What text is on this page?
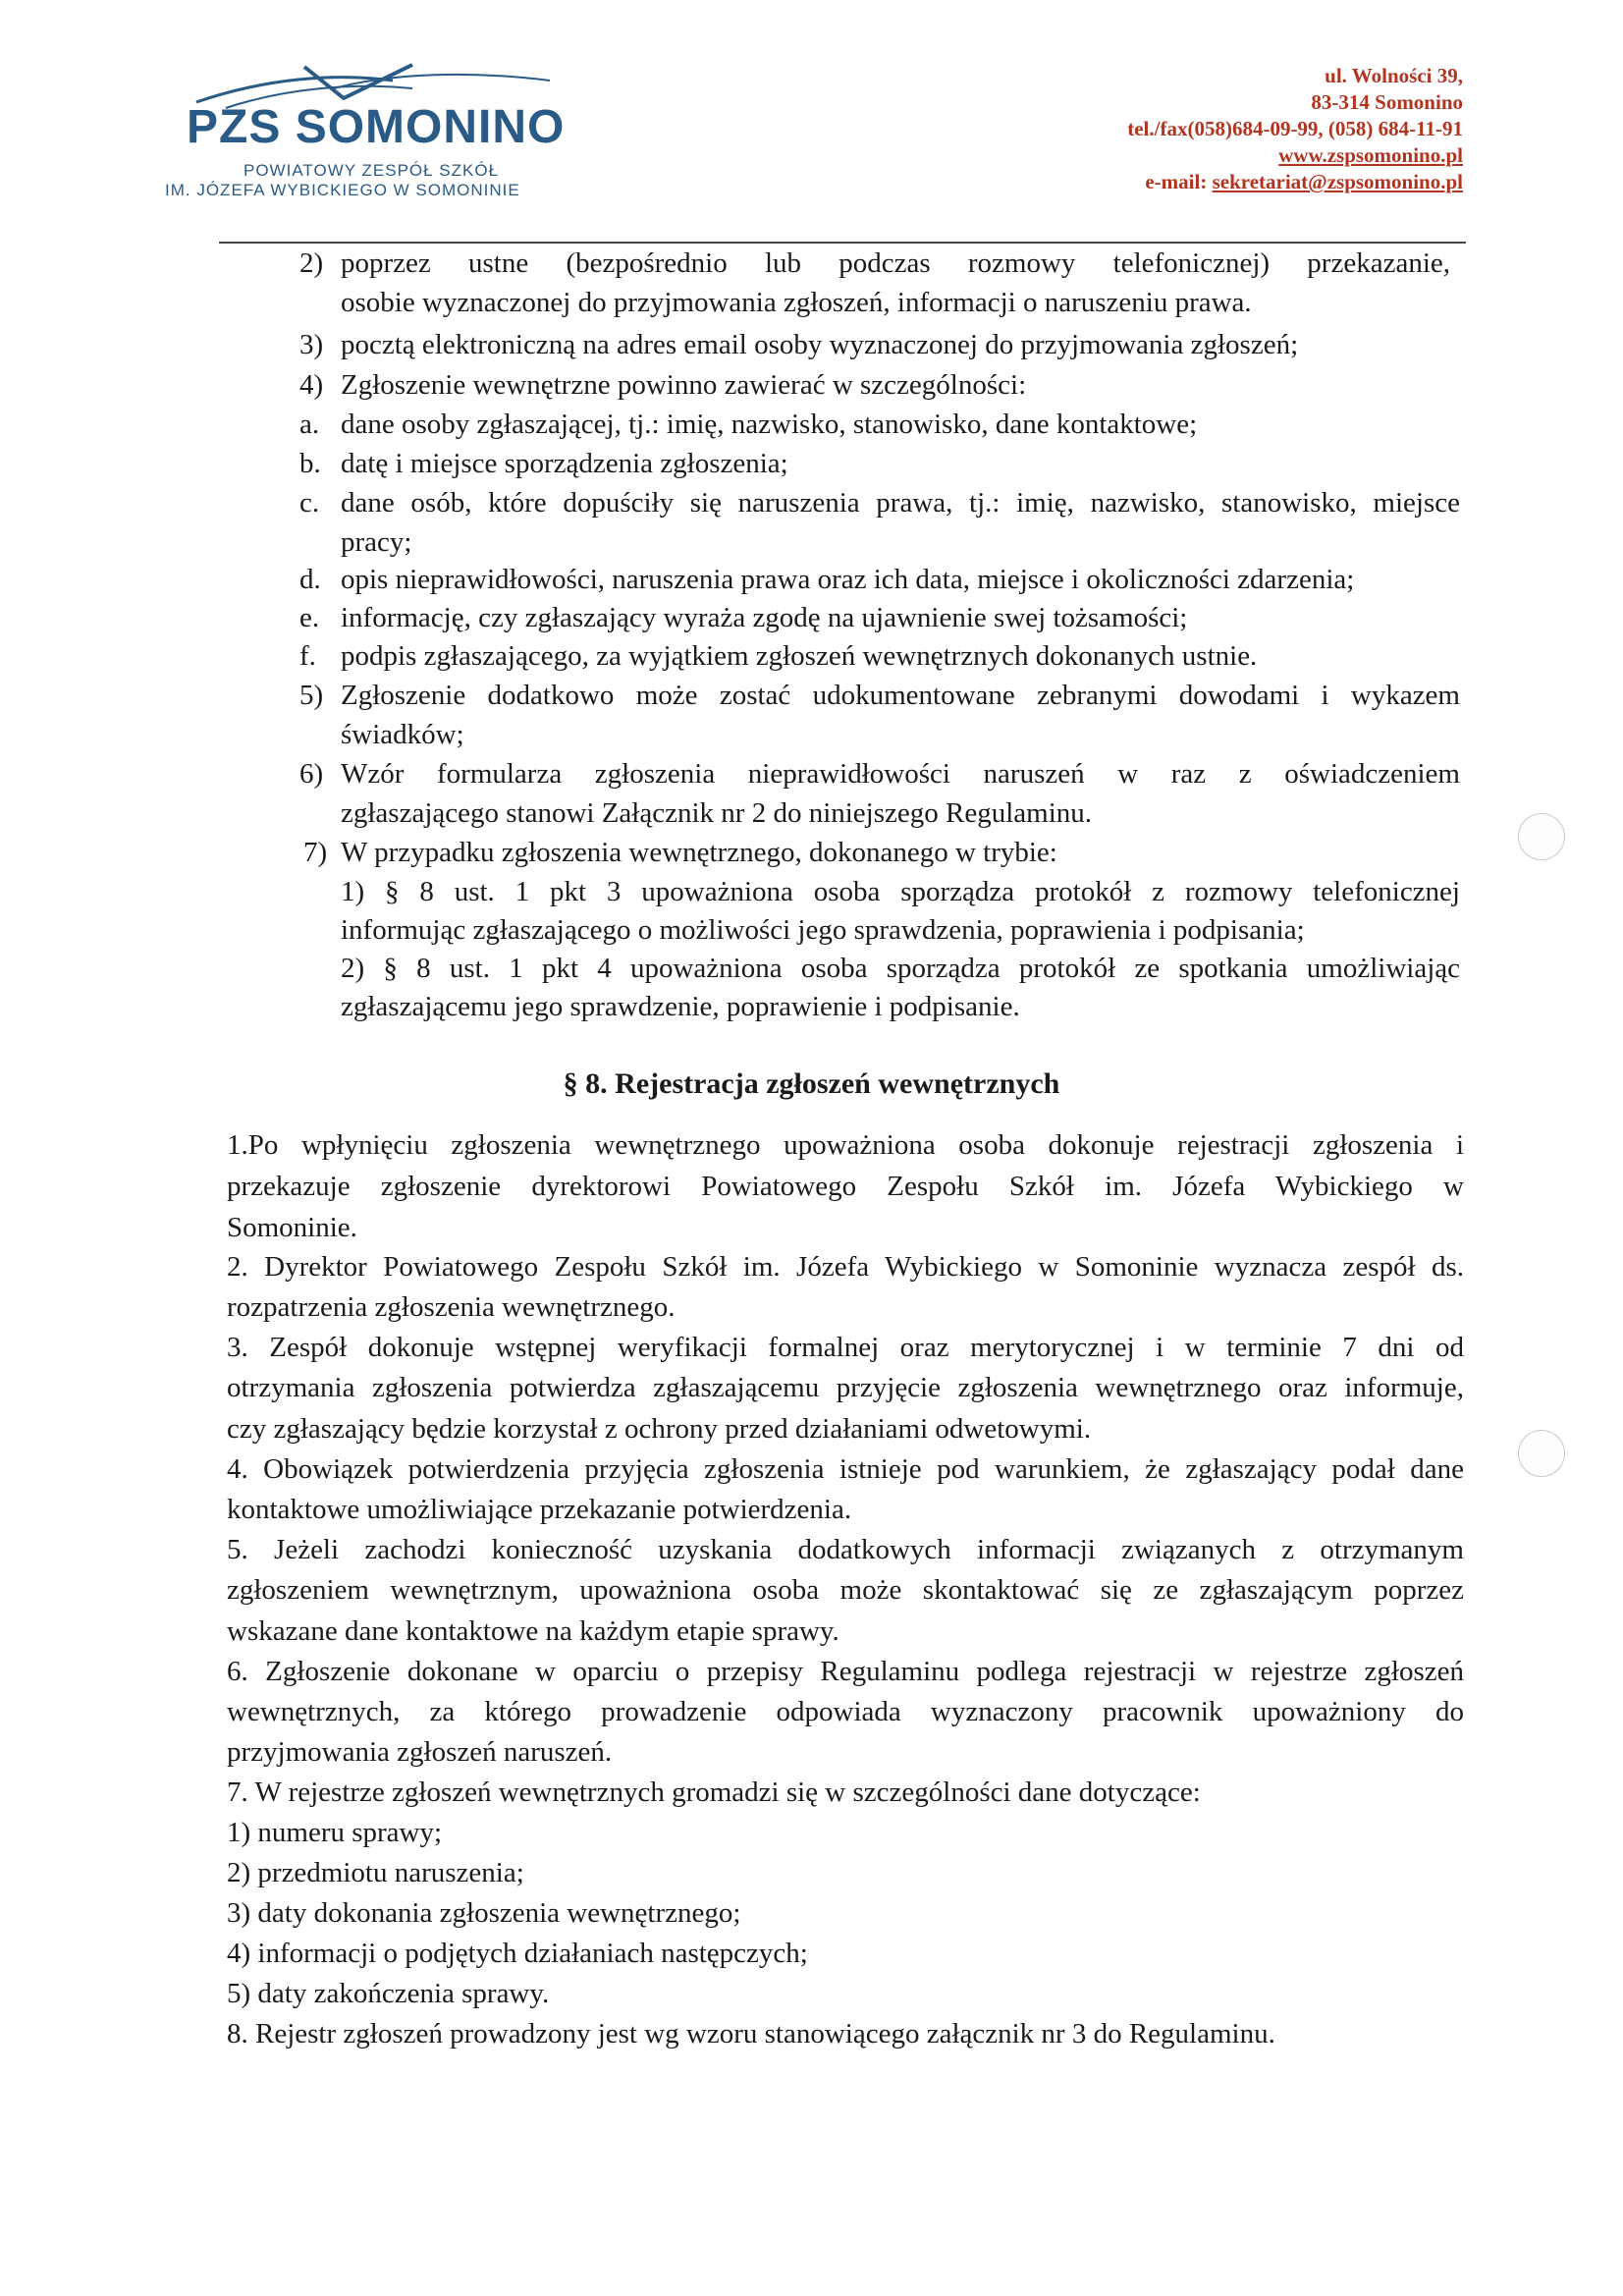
PZS SOMONINO
POWIATOWY ZESPÓŁ SZKÓŁ
IM. JÓZEFA WYBICKIEGO W SOMONINIE
ul. Wolności 39,
83-314 Somonino
tel./fax(058)684-09-99, (058) 684-11-91
www.zspsomonino.pl
e-mail: sekretariat@zspsomonino.pl
2) poprzez ustne (bezpośrednio lub podczas rozmowy telefonicznej) przekazanie,
osobie wyznaczonej do przyjmowania zgłoszeń, informacji o naruszeniu prawa.
3) pocztą elektroniczną na adres email osoby wyznaczonej do przyjmowania zgłoszeń;
4) Zgłoszenie wewnętrzne powinno zawierać w szczególności:
a. dane osoby zgłaszającej, tj.: imię, nazwisko, stanowisko, dane kontaktowe;
b. datę i miejsce sporządzenia zgłoszenia;
c. dane osób, które dopuściły się naruszenia prawa, tj.: imię, nazwisko, stanowisko, miejsce
pracy;
d. opis nieprawidłowości, naruszenia prawa oraz ich data, miejsce i okoliczności zdarzenia;
e. informację, czy zgłaszający wyraża zgodę na ujawnienie swej tożsamości;
f. podpis zgłaszającego, za wyjątkiem zgłoszeń wewnętrznych dokonanych ustnie.
5) Zgłoszenie dodatkowo może zostać udokumentowane zebranymi dowodami i wykazem
świadków;
6) Wzór formularza zgłoszenia nieprawidłowości naruszeń w raz z oświadczeniem
zgłaszającego stanowi Załącznik nr 2 do niniejszego Regulaminu.
7) W przypadku zgłoszenia wewnętrznego, dokonanego w trybie:
1) § 8 ust. 1 pkt 3 upoważniona osoba sporządza protokół z rozmowy telefonicznej
informując zgłaszającego o możliwości jego sprawdzenia, poprawienia i podpisania;
2) § 8 ust. 1 pkt 4 upoważniona osoba sporządza protokół ze spotkania umożliwiając
zgłaszającemu jego sprawdzenie, poprawienie i podpisanie.
§ 8. Rejestracja zgłoszeń wewnętrznych
1.Po wpłynięciu zgłoszenia wewnętrznego upoważniona osoba dokonuje rejestracji zgłoszenia i
przekazuje zgłoszenie dyrektorowi Powiatowego Zespołu Szkół im. Józefa Wybickiego w
Somoninie.
2. Dyrektor Powiatowego Zespołu Szkół im. Józefa Wybickiego w Somoninie wyznacza zespół ds.
rozpatrzenia zgłoszenia wewnętrznego.
3. Zespół dokonuje wstępnej weryfikacji formalnej oraz merytorycznej i w terminie 7 dni od
otrzymania zgłoszenia potwierdza zgłaszającemu przyjęcie zgłoszenia wewnętrznego oraz informuje,
czy zgłaszający będzie korzystał z ochrony przed działaniami odwetowymi.
4. Obowiązek potwierdzenia przyjęcia zgłoszenia istnieje pod warunkiem, że zgłaszający podał dane
kontaktowe umożliwiające przekazanie potwierdzenia.
5. Jeżeli zachodzi konieczność uzyskania dodatkowych informacji związanych z otrzymanym
zgłoszeniem wewnętrznym, upoważniona osoba może skontaktować się ze zgłaszającym poprzez
wskazane dane kontaktowe na każdym etapie sprawy.
6. Zgłoszenie dokonane w oparciu o przepisy Regulaminu podlega rejestracji w rejestrze zgłoszeń
wewnętrznych, za którego prowadzenie odpowiada wyznaczony pracownik upoważniony do
przyjmowania zgłoszeń naruszeń.
7. W rejestrze zgłoszeń wewnętrznych gromadzi się w szczególności dane dotyczące:
1) numeru sprawy;
2) przedmiotu naruszenia;
3) daty dokonania zgłoszenia wewnętrznego;
4) informacji o podjętych działaniach następczych;
5) daty zakończenia sprawy.
8. Rejestr zgłoszeń prowadzony jest wg wzoru stanowiącego załącznik nr 3 do Regulaminu.
